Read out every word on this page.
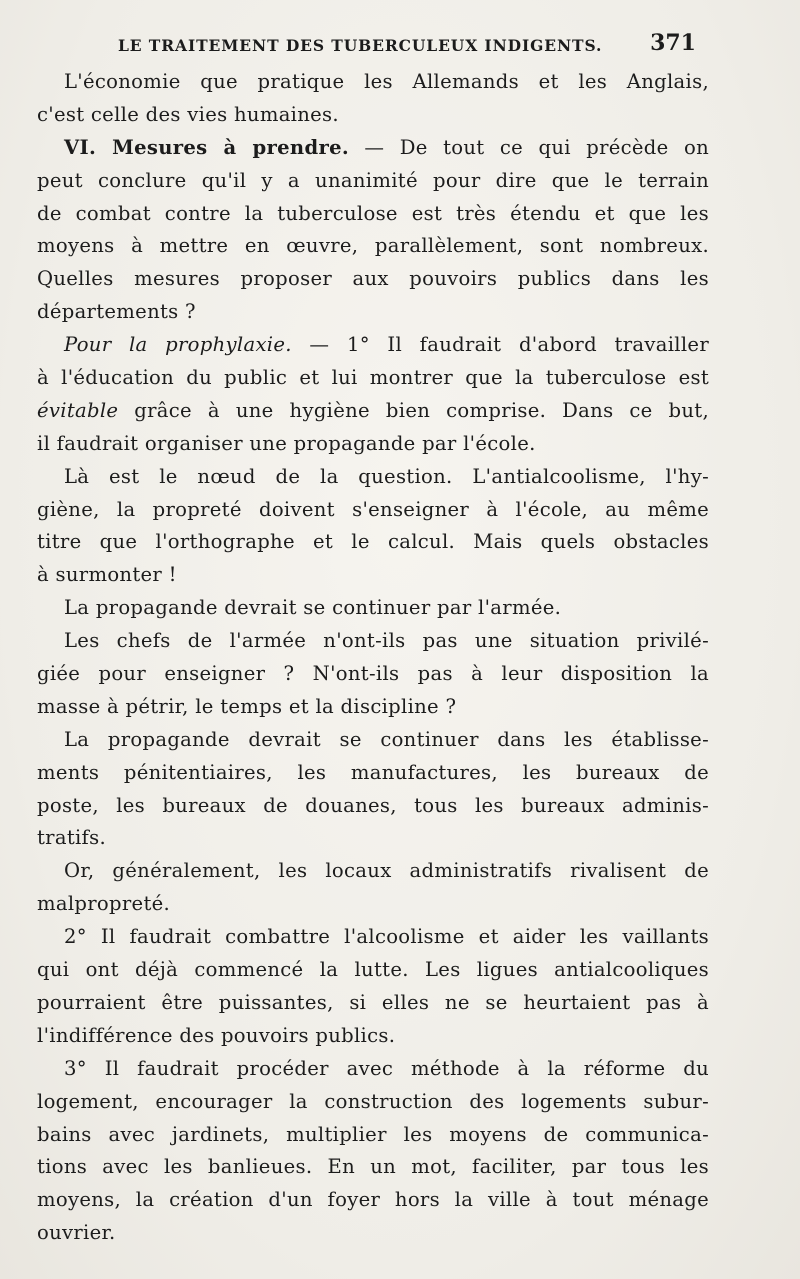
LE TRAITEMENT DES TUBERCULEUX INDIGENTS. 371

L'économie que pratique les Allemands et les Anglais,
c'est celle des vies humaines.

VI. Mesures à prendre. — De tout ce qui précède on
peut conclure qu'il y a unanimité pour dire que le terrain
de combat contre la tuberculose est très étendu et que les
moyens à mettre en œuvre, parallèlement, sont nombreux.
Quelles mesures proposer aux pouvoirs publics dans les
départements ?

Pour la prophylaxie. — 1° Il faudrait d'abord travailler
à l'éducation du public et lui montrer que la tuberculose est
évitable grâce à une hygiène bien comprise. Dans ce but,
il faudrait organiser une propagande par l'école.

Là est le nœud de la question. L'antialcoolisme, l'hy-
giène, la propreté doivent s'enseigner à l'école, au même
titre que l'orthographe et le calcul. Mais quels obstacles
à surmonter !

La propagande devrait se continuer par l'armée.

Les chefs de l'armée n'ont-ils pas une situation privilé-
giée pour enseigner ? N'ont-ils pas à leur disposition la
masse à pétrir, le temps et la discipline ?

La propagande devrait se continuer dans les établisse-
ments pénitentiaires, les manufactures, les bureaux de
poste, les bureaux de douanes, tous les bureaux adminis-
tratifs.

Or, généralement, les locaux administratifs rivalisent de
malpropreté.

2° Il faudrait combattre l'alcoolisme et aider les vaillants
qui ont déjà commencé la lutte. Les ligues antialcooliques
pourraient être puissantes, si elles ne se heurtaient pas à
l'indifférence des pouvoirs publics.

3° Il faudrait procéder avec méthode à la réforme du
logement, encourager la construction des logements subur-
bains avec jardinets, multiplier les moyens de communica-
tions avec les banlieues. En un mot, faciliter, par tous les
moyens, la création d'un foyer hors la ville à tout ménage
ouvrier.
